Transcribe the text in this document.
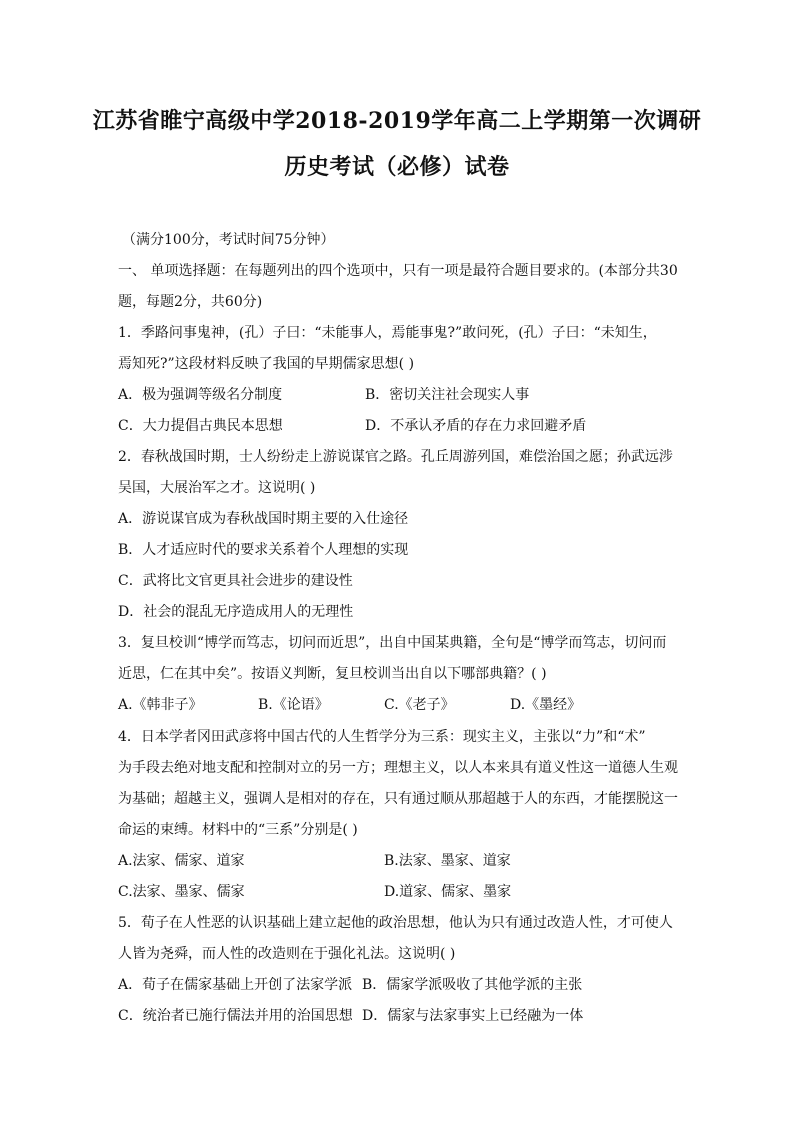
江苏省睢宁高级中学2018-2019学年高二上学期第一次调研
历史考试（必修）试卷
（满分100分，考试时间75分钟）
一、 单项选择题：在每题列出的四个选项中，只有一项是最符合题目要求的。(本部分共30
题，每题2分，共60分)
1．季路问事鬼神，(孔）子曰：“未能事人，焉能事鬼?”敢问死，(孔）子曰：“未知生，
焉知死?”这段材料反映了我国的早期儒家思想( )
A．极为强调等级名分制度	B．密切关注社会现实人事
C．大力提倡古典民本思想	D．不承认矛盾的存在力求回避矛盾
2．春秋战国时期，士人纷纷走上游说谋官之路。孔丘周游列国，难偿治国之愿；孙武远涉
吴国，大展治军之才。这说明( )
A．游说谋官成为春秋战国时期主要的入仕途径
B．人才适应时代的要求关系着个人理想的实现
C．武将比文官更具社会进步的建设性
D．社会的混乱无序造成用人的无理性
3．复旦校训“博学而笃志，切问而近思”，出自中国某典籍，全句是“博学而笃志，切问而
近思，仁在其中矣”。按语义判断，复旦校训当出自以下哪部典籍？( )
A.《韩非子》	B.《论语》	C.《老子》	D.《墨经》
4．日本学者冈田武彦将中国古代的人生哲学分为三系：现实主义，主张以“力”和“术”
为手段去绝对地支配和控制对立的另一方；理想主义，以人本来具有道义性这一道德人生观
为基础；超越主义，强调人是相对的存在，只有通过顺从那超越于人的东西，才能摆脱这一
命运的束缚。材料中的“三系”分别是( )
A.法家、儒家、道家	B.法家、墨家、道家
C.法家、墨家、儒家	D.道家、儒家、墨家
5．荀子在人性恶的认识基础上建立起他的政治思想，他认为只有通过改造人性，才可使人
人皆为尧舜，而人性的改造则在于强化礼法。这说明( )
A．荀子在儒家基础上开创了法家学派 B．儒家学派吸收了其他学派的主张
C．统治者已施行儒法并用的治国思想 D．儒家与法家事实上已经融为一体
